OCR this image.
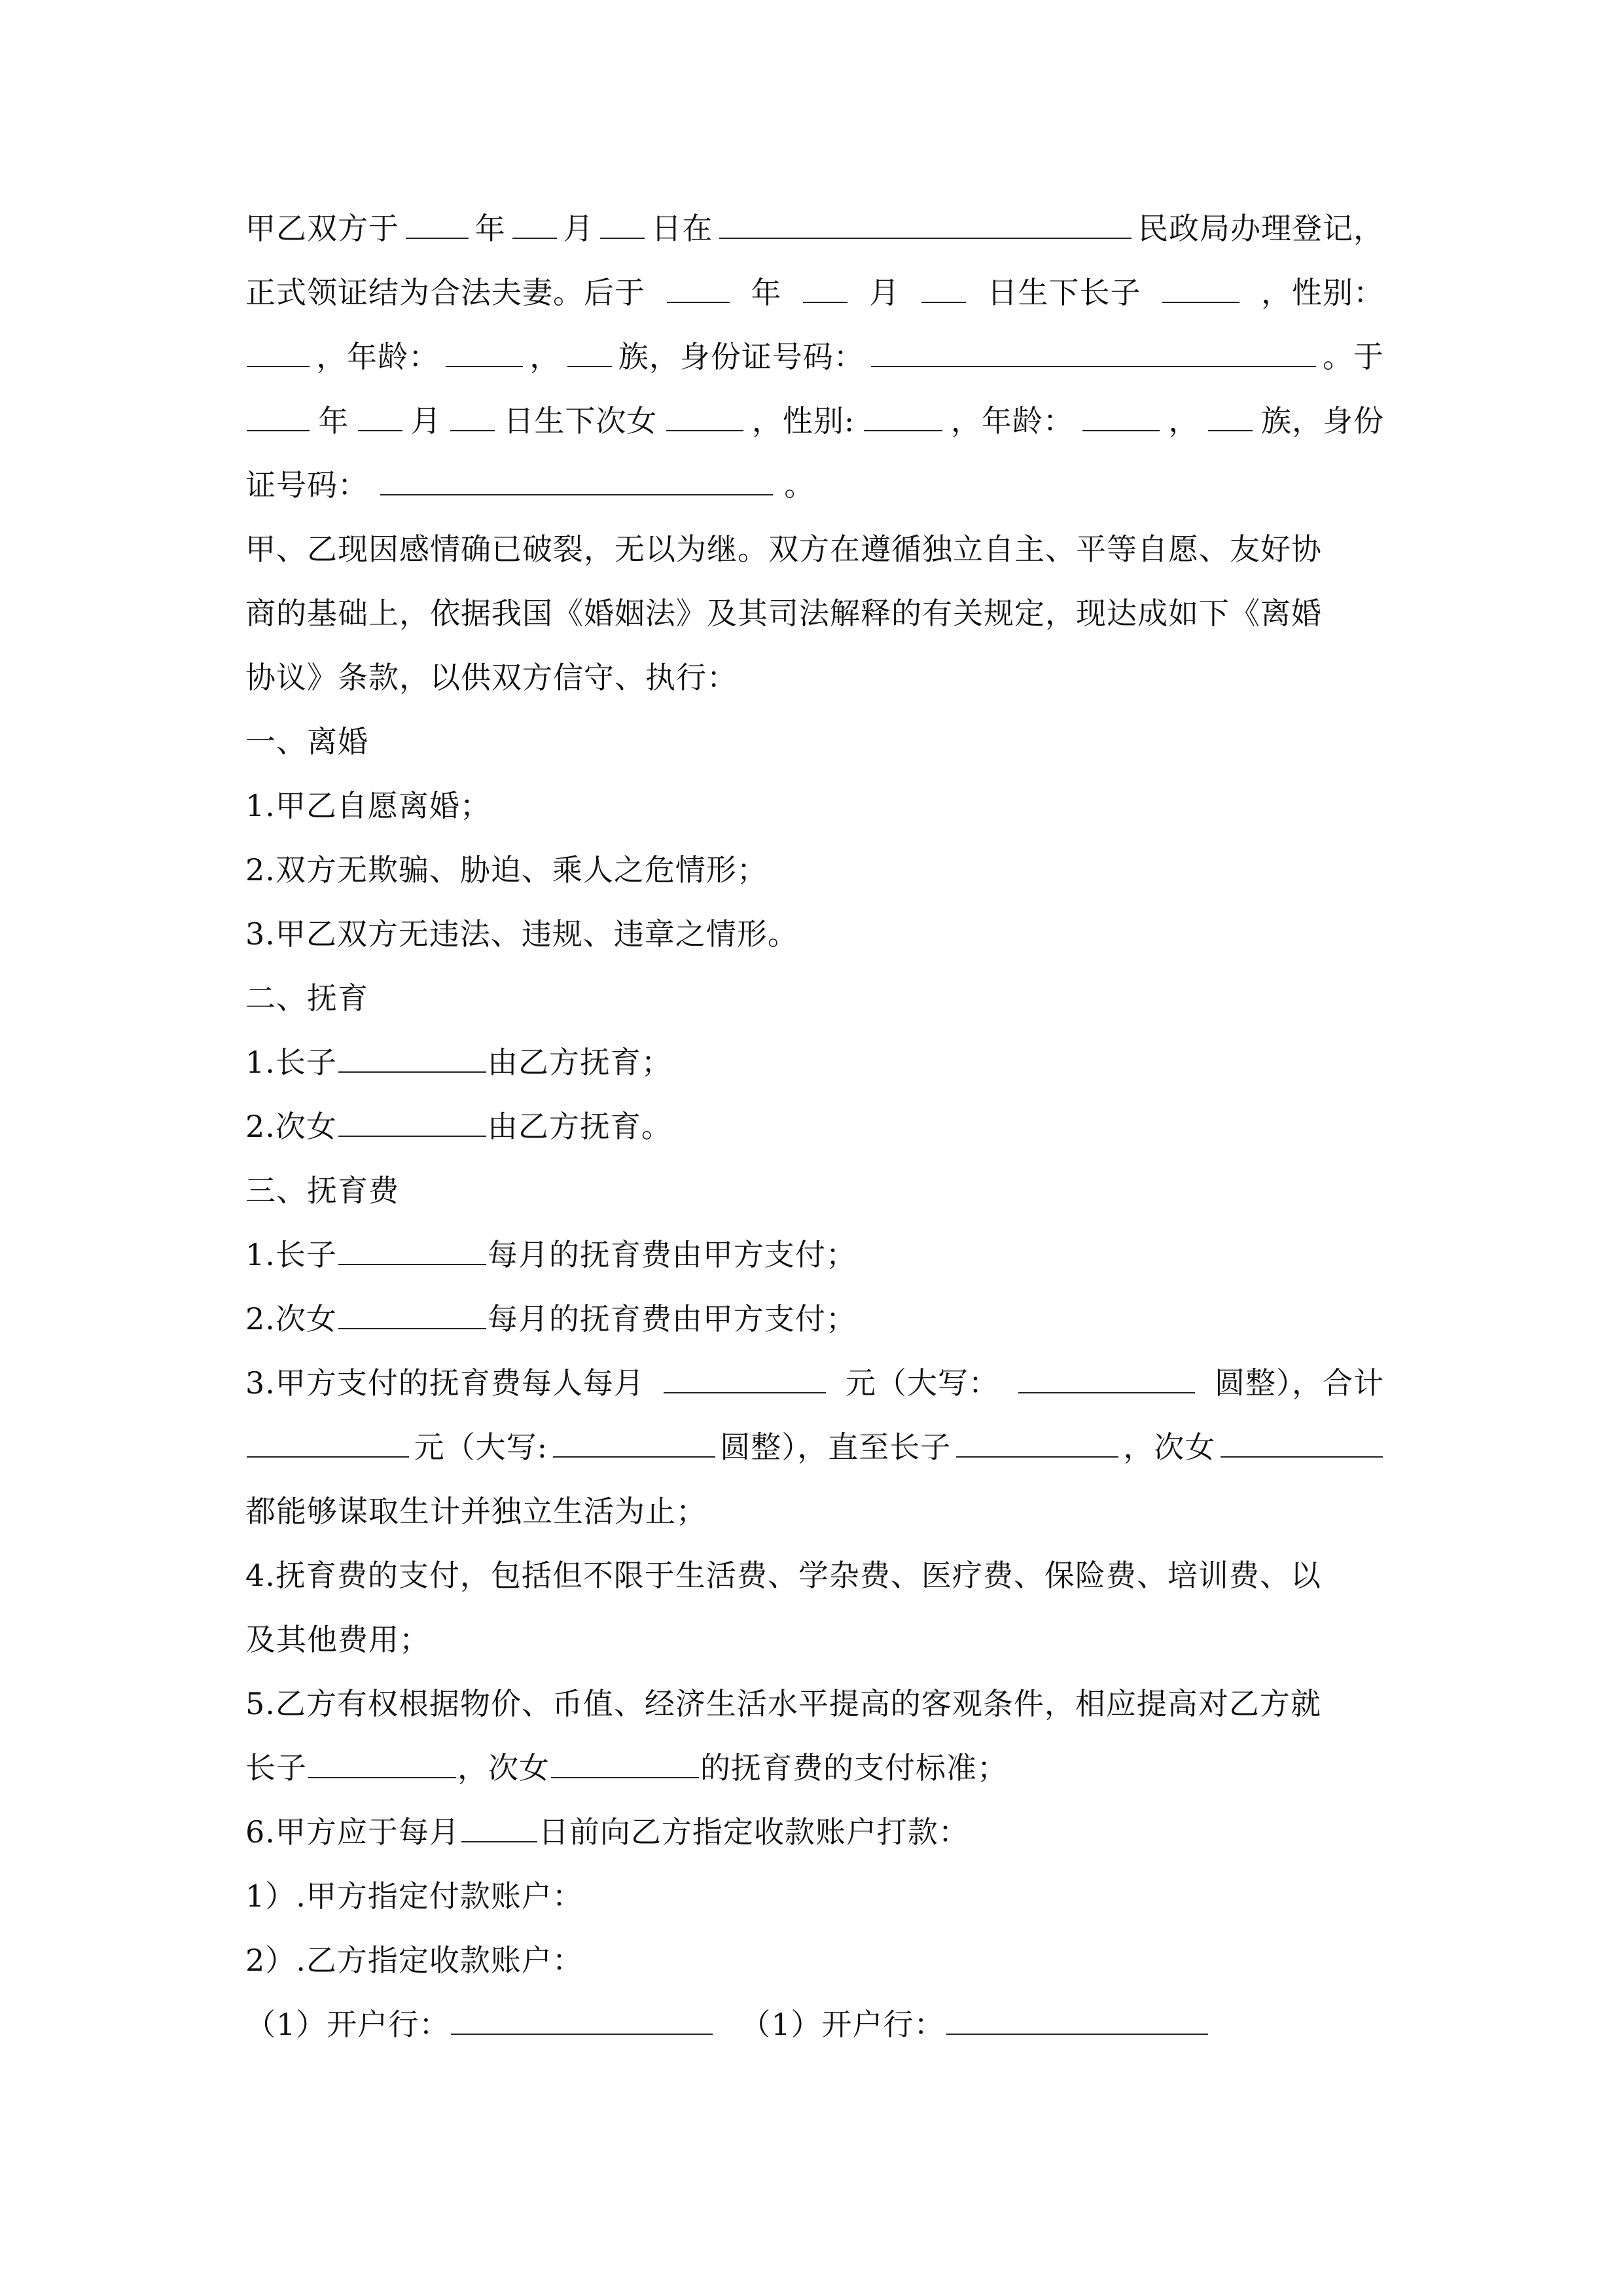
甲乙双方于	年 月 日在	民政局办理登记，
正式领证结为合法夫妻。后于	年	月	日生下长子	，性别：
，年龄：	， 族，身份证号码：	。于
年 月 日生下次女	，性别:	，年龄：	， 族，身份
证号码：	。
甲、乙现因感情确已破裂，无以为继。双方在遵循独立自主、平等自愿、友好协
商的基础上，依据我国《婚姻法》及其司法解释的有关规定，现达成如下《离婚
协议》条款，以供双方信守、执行：
一、离婚
1.甲乙自愿离婚；
2.双方无欺骗、胁迫、乘人之危情形；
3.甲乙双方无违法、违规、违章之情形。
二、抚育
1.长子	由乙方抚育；
2.次女	由乙方抚育。
三、抚育费
1.长子	每月的抚育费由甲方支付；
2.次女	每月的抚育费由甲方支付；
3.甲方支付的抚育费每人每月	元（大写：	圆整），合计
元（大写:	圆整），直至长子	，次女
都能够谋取生计并独立生活为止；
4.抚育费的支付，包括但不限于生活费、学杂费、医疗费、保险费、培训费、以
及其他费用；
5.乙方有权根据物价、币值、经济生活水平提高的客观条件，相应提高对乙方就
长子	，次女	的抚育费的支付标准；
6.甲方应于每月	日前向乙方指定收款账户打款：
1）.甲方指定付款账户：
2）.乙方指定收款账户：
（1）开户行：	（1）开户行：
